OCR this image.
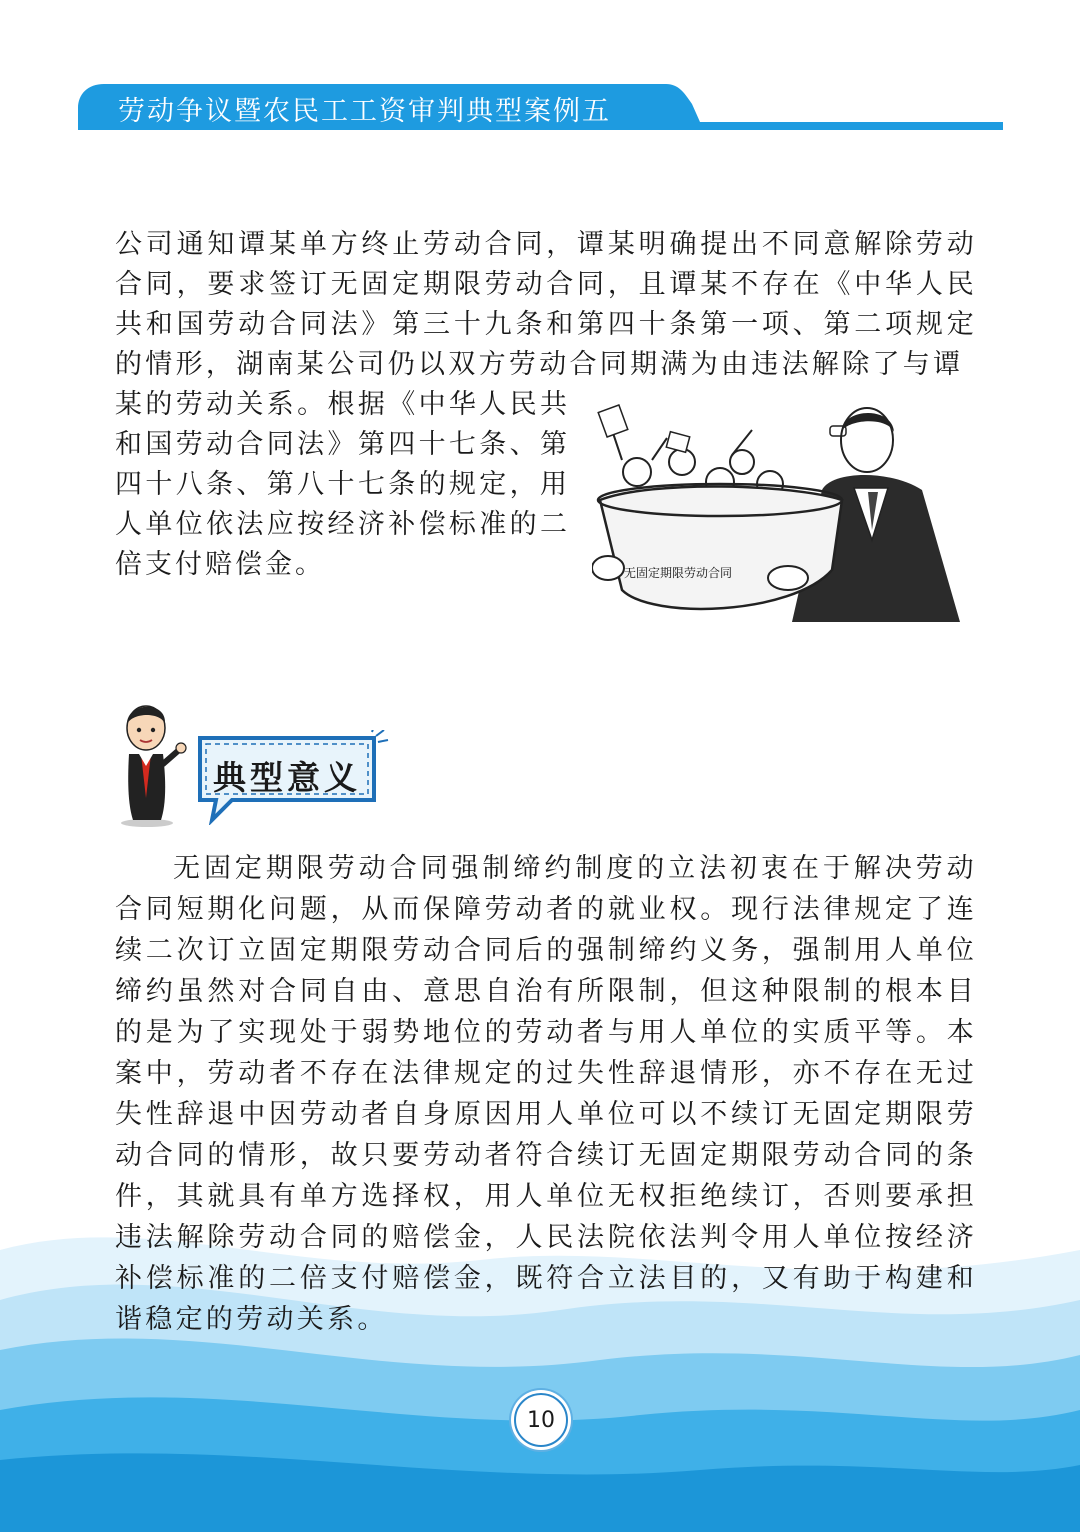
劳动争议暨农民工工资审判典型案例五

公司通知谭某单方终止劳动合同，谭某明确提出不同意解除劳动合同，要求签订无固定期限劳动合同，且谭某不存在《中华人民共和国劳动合同法》第三十九条和第四十条第一项、第二项规定的情形，湖南某公司仍以双方劳动合同期满为由违法解除了与谭

某的劳动关系。根据《中华人民共和国劳动合同法》第四十七条、第四十八条、第八十七条的规定，用人单位依法应按经济补偿标准的二倍支付赔偿金。	无固定期限劳动合同
典型意义

无固定期限劳动合同强制缔约制度的立法初衷在于解决劳动合同短期化问题，从而保障劳动者的就业权。现行法律规定了连续二次订立固定期限劳动合同后的强制缔约义务，强制用人单位缔约虽然对合同自由、意思自治有所限制，但这种限制的根本目的是为了实现处于弱势地位的劳动者与用人单位的实质平等。本案中，劳动者不存在法律规定的过失性辞退情形，亦不存在无过失性辞退中因劳动者自身原因用人单位可以不续订无固定期限劳动合同的情形，故只要劳动者符合续订无固定期限劳动合同的条件，其就具有单方选择权，用人单位无权拒绝续订，否则要承担违法解除劳动合同的赔偿金，人民法院依法判令用人单位按经济补偿标准的二倍支付赔偿金，既符合立法目的，又有助于构建和谐稳定的劳动关系。

10
